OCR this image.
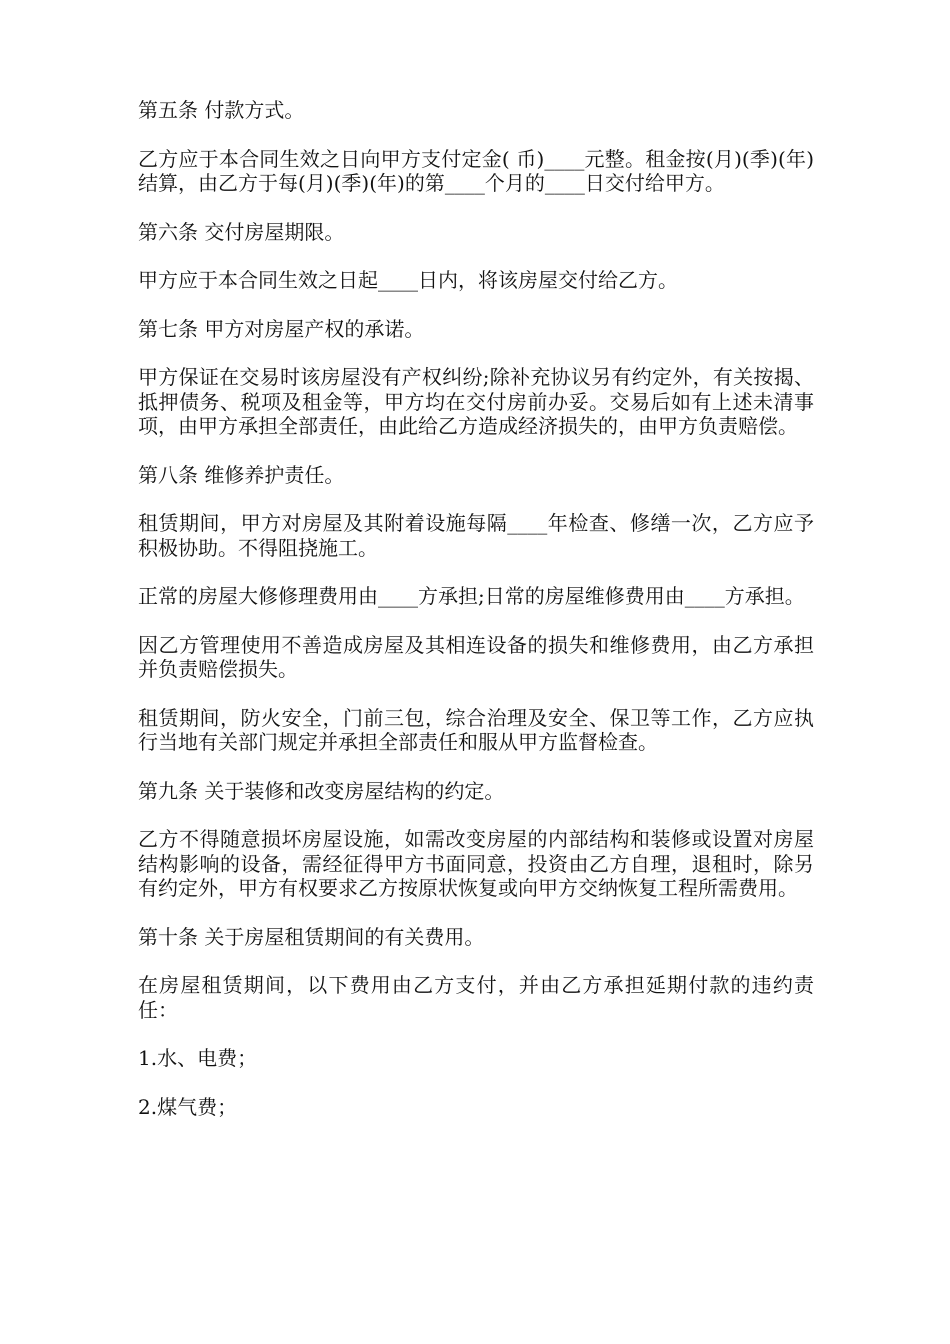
第五条 付款方式。

乙方应于本合同生效之日向甲方支付定金( 币)____元整。租金按(月)(季)(年)结算，由乙方于每(月)(季)(年)的第____个月的____日交付给甲方。

第六条 交付房屋期限。

甲方应于本合同生效之日起____日内，将该房屋交付给乙方。

第七条 甲方对房屋产权的承诺。

甲方保证在交易时该房屋没有产权纠纷;除补充协议另有约定外，有关按揭、抵押债务、税项及租金等，甲方均在交付房前办妥。交易后如有上述未清事项，由甲方承担全部责任，由此给乙方造成经济损失的，由甲方负责赔偿。

第八条 维修养护责任。

租赁期间，甲方对房屋及其附着设施每隔____年检查、修缮一次，乙方应予积极协助。不得阻挠施工。

正常的房屋大修修理费用由____方承担;日常的房屋维修费用由____方承担。

因乙方管理使用不善造成房屋及其相连设备的损失和维修费用，由乙方承担并负责赔偿损失。

租赁期间，防火安全，门前三包，综合治理及安全、保卫等工作，乙方应执行当地有关部门规定并承担全部责任和服从甲方监督检查。

第九条 关于装修和改变房屋结构的约定。

乙方不得随意损坏房屋设施，如需改变房屋的内部结构和装修或设置对房屋结构影响的设备，需经征得甲方书面同意，投资由乙方自理，退租时，除另有约定外，甲方有权要求乙方按原状恢复或向甲方交纳恢复工程所需费用。

第十条 关于房屋租赁期间的有关费用。

在房屋租赁期间，以下费用由乙方支付，并由乙方承担延期付款的违约责任：

1.水、电费；

2.煤气费；
